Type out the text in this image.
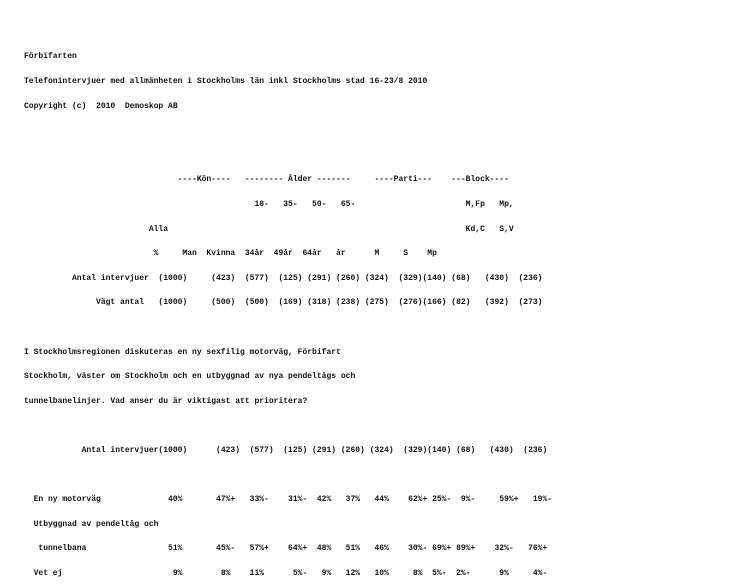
Förbifarten

Telefonintervjuer med allmänheten i Stockholms län inkl Stockholms stad 16-23/8 2010

Copyright (c)  2010  Demoskop AB

----Kön----   -------- Ålder -------     ----Parti---    ---Block----

18-   35-   50-   65-                       M,Fp   Mp,

Alla                                                              Kd,C   S,V

%     Man  Kvinna  34år  49år  64år   år      M     S    Mp

Antal intervjuer  (1000)     (423)  (577)  (125) (291) (260) (324)  (329)(140) (68)   (430)  (236)

Vägt antal   (1000)     (500)  (500)  (169) (318) (238) (275)  (276)(166) (82)   (392)  (273)

I Stockholmsregionen diskuteras en ny sexfilig motorväg, Förbifart

Stockholm, väster om Stockholm och en utbyggnad av nya pendeltågs och

tunnelbanelinjer. Vad anser du är viktigast att prioritera?

Antal intervjuer(1000)      (423)  (577)  (125) (291) (260) (324)  (329)(140) (68)   (430)  (236)

En ny motorväg              40%       47%+   33%-    31%-  42%   37%   44%    62%+ 25%-  9%-     59%+   19%-

Utbyggnad av pendeltåg och

tunnelbana                 51%       45%-   57%+    64%+  48%   51%   46%    30%- 69%+ 89%+    32%-   76%+

Vet ej                       9%        8%    11%      5%-   9%   12%   10%     8%  5%-  2%-      9%     4%-
